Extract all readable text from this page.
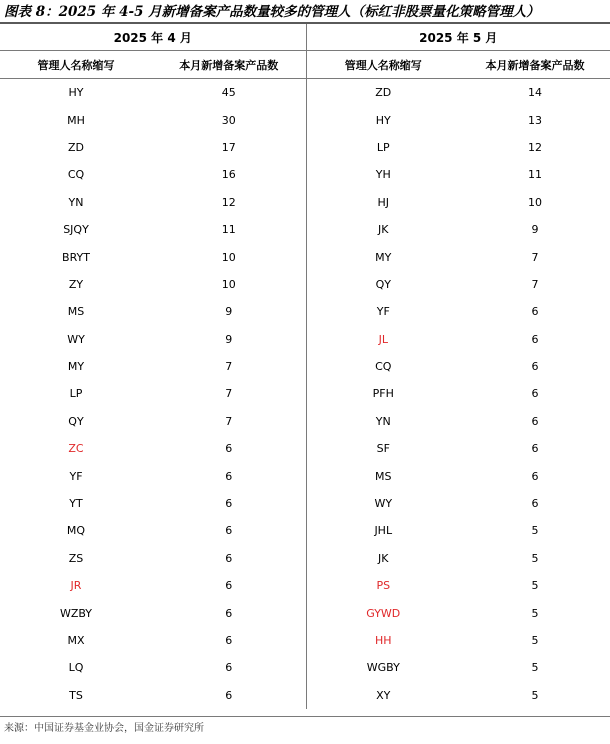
图表 8：2025 年 4-5 月新增备案产品数量较多的管理人（标红非股票量化策略管理人）
2025 年 4 月		2025 年 5 月	
管理人名称缩写	本月新增备案产品数	管理人名称缩写	本月新增备案产品数
HY	45	ZD	14
MH	30	HY	13
ZD	17	LP	12
CQ	16	YH	11
YN	12	HJ	10
SJQY	11	JK	9
BRYT	10	MY	7
ZY	10	QY	7
MS	9	YF	6
WY	9	JL	6
MY	7	CQ	6
LP	7	PFH	6
QY	7	YN	6
ZC	6	SF	6
YF	6	MS	6
YT	6	WY	6
MQ	6	JHL	5
ZS	6	JK	5
JR	6	PS	5
WZBY	6	GYWD	5
MX	6	HH	5
LQ	6	WGBY	5
TS	6	XY	5
来源：中国证券基金业协会，国金证券研究所
